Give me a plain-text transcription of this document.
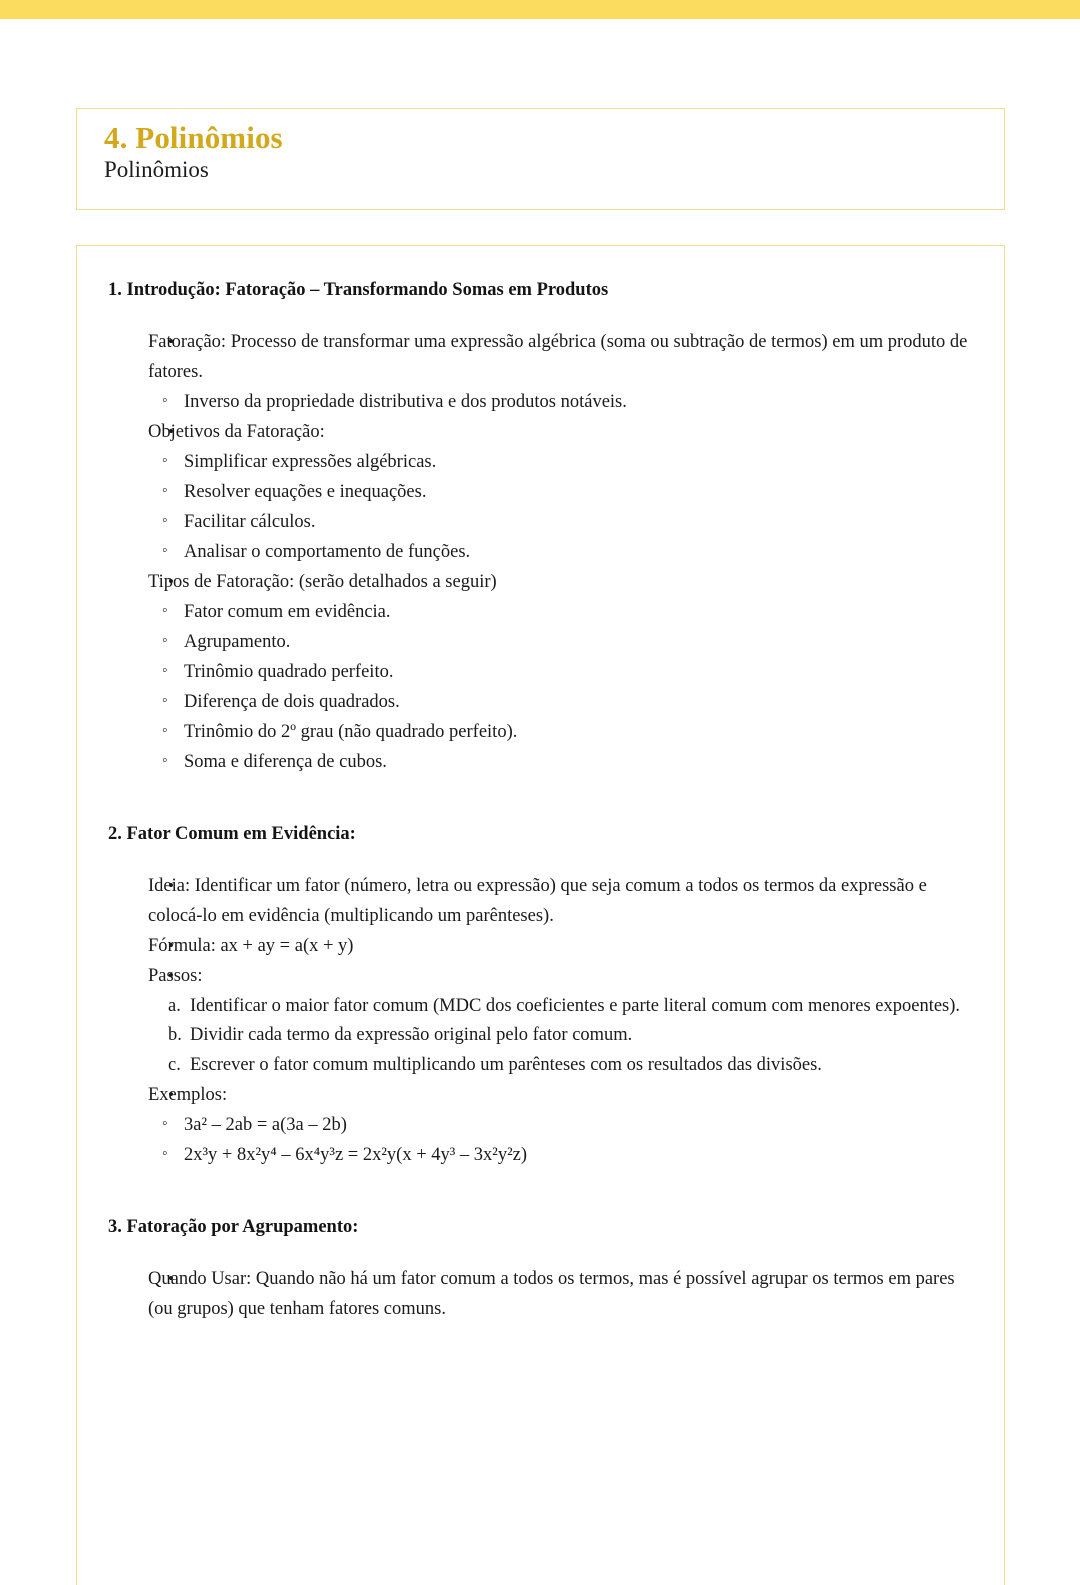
4. Polinômios
Polinômios
1. Introdução: Fatoração – Transformando Somas em Produtos
• Fatoração: Processo de transformar uma expressão algébrica (soma ou subtração de termos) em um produto de fatores.
◦ Inverso da propriedade distributiva e dos produtos notáveis.
• Objetivos da Fatoração:
◦ Simplificar expressões algébricas.
◦ Resolver equações e inequações.
◦ Facilitar cálculos.
◦ Analisar o comportamento de funções.
• Tipos de Fatoração: (serão detalhados a seguir)
◦ Fator comum em evidência.
◦ Agrupamento.
◦ Trinômio quadrado perfeito.
◦ Diferença de dois quadrados.
◦ Trinômio do 2º grau (não quadrado perfeito).
◦ Soma e diferença de cubos.
2. Fator Comum em Evidência:
• Ideia: Identificar um fator (número, letra ou expressão) que seja comum a todos os termos da expressão e colocá-lo em evidência (multiplicando um parênteses).
• Fórmula: ax + ay = a(x + y)
• Passos:
Identificar o maior fator comum (MDC dos coeficientes e parte literal comum com menores expoentes).
Dividir cada termo da expressão original pelo fator comum.
Escrever o fator comum multiplicando um parênteses com os resultados das divisões.
• Exemplos:
◦ 3a² – 2ab = a(3a – 2b)
◦ 2x³y + 8x²y⁴ – 6x⁴y³z = 2x²y(x + 4y³ – 3x²y²z)
3. Fatoração por Agrupamento:
• Quando Usar: Quando não há um fator comum a todos os termos, mas é possível agrupar os termos em pares (ou grupos) que tenham fatores comuns.
